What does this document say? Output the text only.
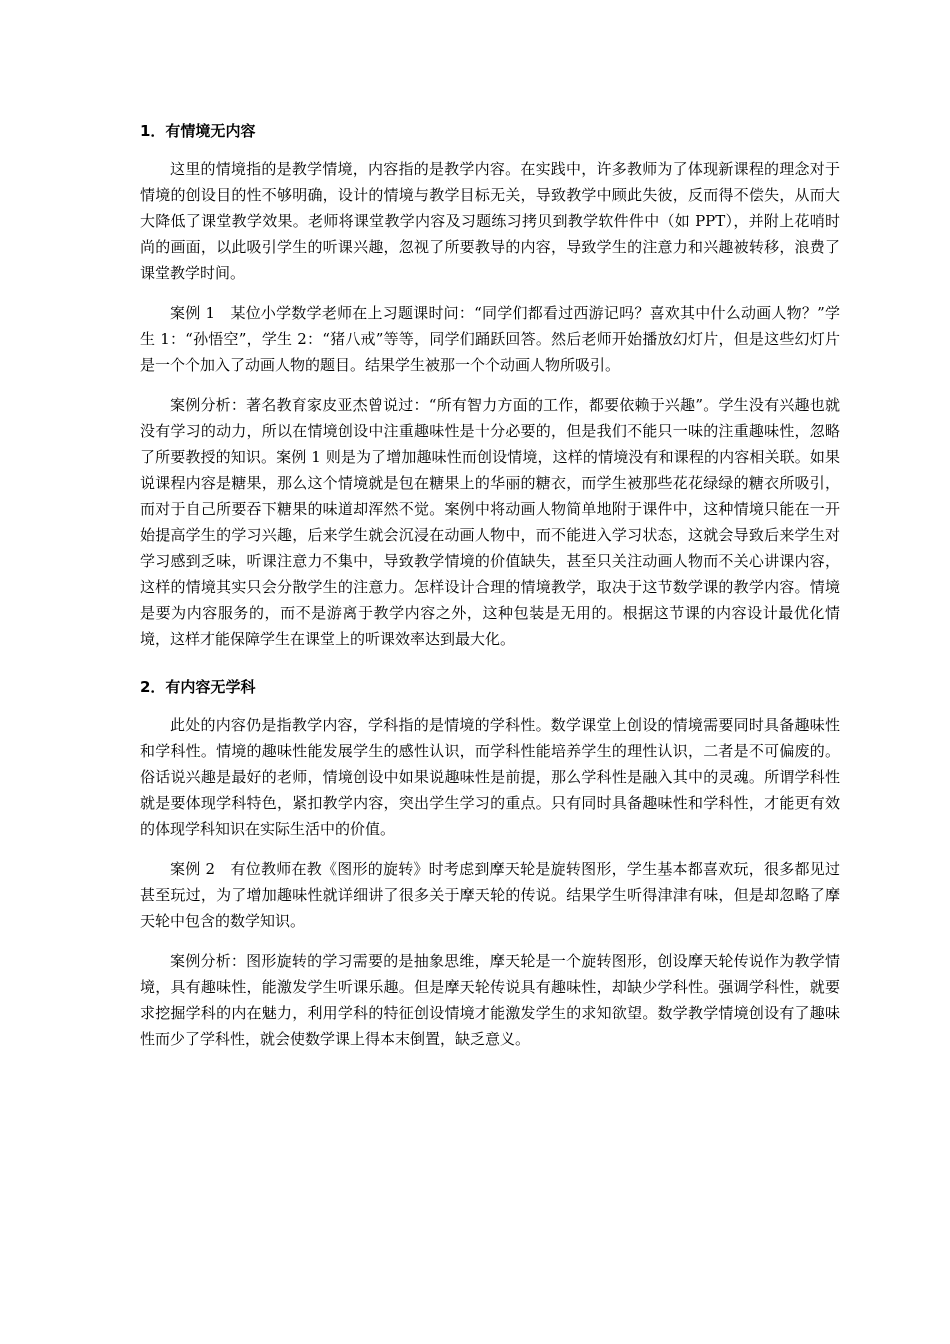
1．有情境无内容

这里的情境指的是教学情境，内容指的是教学内容。在实践中，许多教师为了体现新课程的理念对于情境的创设目的性不够明确，设计的情境与教学目标无关，导致教学中顾此失彼，反而得不偿失，从而大大降低了课堂教学效果。老师将课堂教学内容及习题练习拷贝到教学软件件中（如 PPT），并附上花哨时尚的画面，以此吸引学生的听课兴趣，忽视了所要教导的内容，导致学生的注意力和兴趣被转移，浪费了课堂教学时间。

案例 1　某位小学数学老师在上习题课时问：“同学们都看过西游记吗？喜欢其中什么动画人物？”学生 1：“孙悟空”，学生 2：“猪八戒”等等，同学们踊跃回答。然后老师开始播放幻灯片，但是这些幻灯片是一个个加入了动画人物的题目。结果学生被那一个个动画人物所吸引。

案例分析：著名教育家皮亚杰曾说过：“所有智力方面的工作，都要依赖于兴趣”。学生没有兴趣也就没有学习的动力，所以在情境创设中注重趣味性是十分必要的，但是我们不能只一味的注重趣味性，忽略了所要教授的知识。案例 1 则是为了增加趣味性而创设情境，这样的情境没有和课程的内容相关联。如果说课程内容是糖果，那么这个情境就是包在糖果上的华丽的糖衣，而学生被那些花花绿绿的糖衣所吸引，而对于自己所要吞下糖果的味道却浑然不觉。案例中将动画人物简单地附于课件中，这种情境只能在一开始提高学生的学习兴趣，后来学生就会沉浸在动画人物中，而不能进入学习状态，这就会导致后来学生对学习感到乏味，听课注意力不集中，导致教学情境的价值缺失，甚至只关注动画人物而不关心讲课内容，这样的情境其实只会分散学生的注意力。怎样设计合理的情境教学，取决于这节数学课的教学内容。情境是要为内容服务的，而不是游离于教学内容之外，这种包装是无用的。根据这节课的内容设计最优化情境，这样才能保障学生在课堂上的听课效率达到最大化。

2．有内容无学科

此处的内容仍是指教学内容，学科指的是情境的学科性。数学课堂上创设的情境需要同时具备趣味性和学科性。情境的趣味性能发展学生的感性认识，而学科性能培养学生的理性认识，二者是不可偏废的。俗话说兴趣是最好的老师，情境创设中如果说趣味性是前提，那么学科性是融入其中的灵魂。所谓学科性就是要体现学科特色，紧扣教学内容，突出学生学习的重点。只有同时具备趣味性和学科性，才能更有效的体现学科知识在实际生活中的价值。

案例 2　有位教师在教《图形的旋转》时考虑到摩天轮是旋转图形，学生基本都喜欢玩，很多都见过甚至玩过，为了增加趣味性就详细讲了很多关于摩天轮的传说。结果学生听得津津有味，但是却忽略了摩天轮中包含的数学知识。

案例分析：图形旋转的学习需要的是抽象思维，摩天轮是一个旋转图形，创设摩天轮传说作为教学情境，具有趣味性，能激发学生听课乐趣。但是摩天轮传说具有趣味性，却缺少学科性。强调学科性，就要求挖掘学科的内在魅力，利用学科的特征创设情境才能激发学生的求知欲望。数学教学情境创设有了趣味性而少了学科性，就会使数学课上得本末倒置，缺乏意义。
